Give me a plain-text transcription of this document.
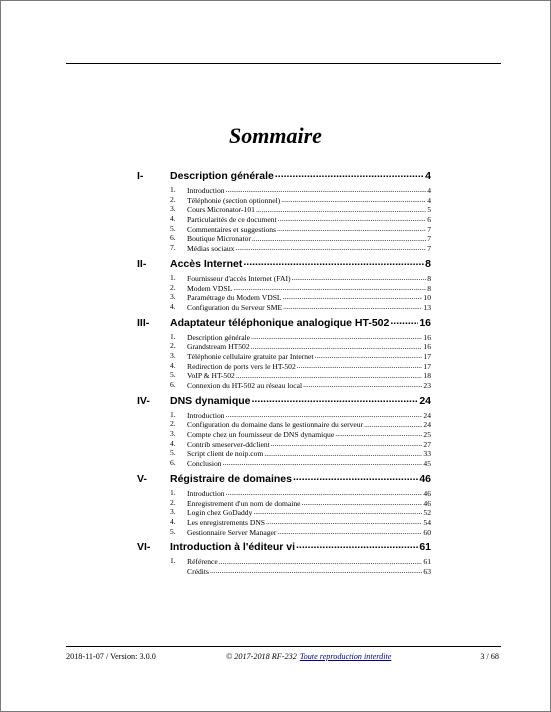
Sommaire
I-	Description générale .....	4
1. Introduction .....	4
2. Téléphonie (section optionnel) .....	4
3. Cours Micronator-101 .....	5
4. Particularités de ce document .....	6
5. Commentaires et suggestions .....	7
6. Boutique Micronator .....	7
7. Médias sociaux .....	7
II- Accès Internet .....	8
1. Fournisseur d'accès Internet (FAI) .....	8
2. Modem VDSL .....	8
3. Paramétrage du Modem VDSL .....	10
4. Configuration du Serveur SME .....	13
III- Adaptateur téléphonique analogique HT-502 .....	16
1. Description générale .....	16
2. Grandstream HT502 .....	16
3. Téléphonie cellulaire gratuite par Internet .....	17
4. Redirection de ports vers le HT-502 .....	17
5. VoIP & HT-502 .....	18
6. Connexion du HT-502 au réseau local .....	23
IV- DNS dynamique .....	24
1. Introduction .....	24
2. Configuration du domaine dans le gestionnaire du serveur .....	24
3. Compte chez un fournisseur de DNS dynamique .....	25
4. Contrib smeserver-ddclient .....	27
5. Script client de noip.com .....	33
6. Conclusion .....	45
V- Régistraire de domaines .....	46
1. Introduction .....	46
2. Enregistrement d'un nom de domaine .....	46
3. Login chez GoDaddy .....	52
4. Les enregistrements DNS .....	54
5. Gestionnaire Server Manager .....	60
VI- Introduction à l'éditeur vi .....	61
1. Référence .....	61
Crédits .....	63
2018-11-07 / Version: 3.0.0	© 2017-2018 RF-232 Toute reproduction interdite	3 / 68
